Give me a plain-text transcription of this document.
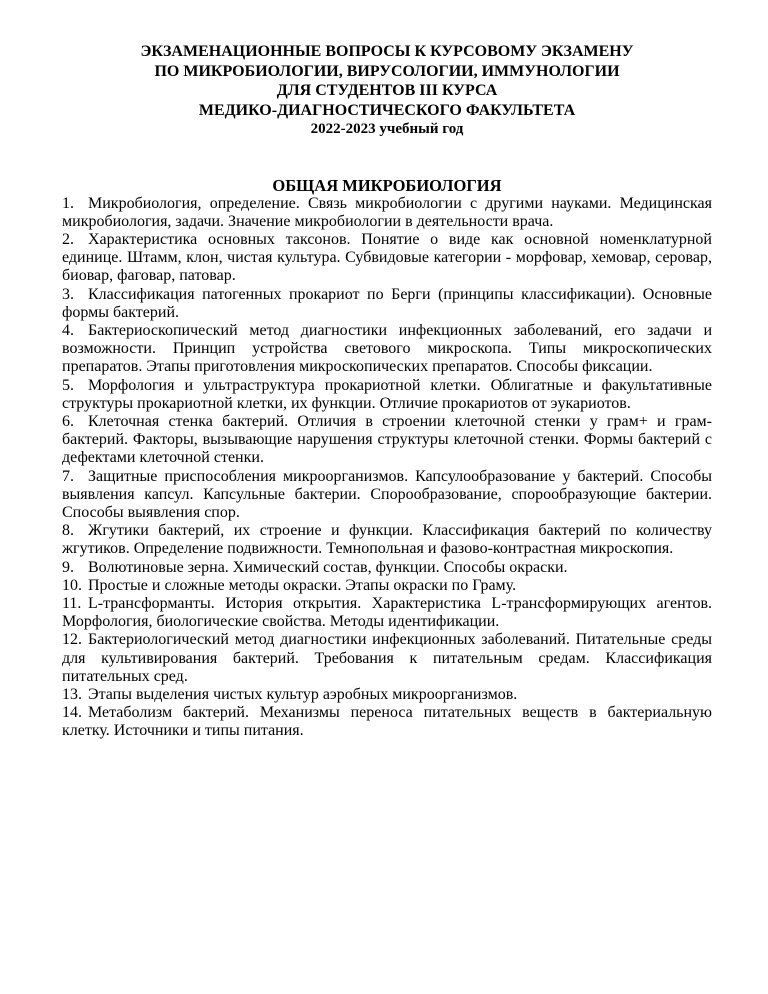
ЭКЗАМЕНАЦИОННЫЕ ВОПРОСЫ К КУРСОВОМУ ЭКЗАМЕНУ
ПО МИКРОБИОЛОГИИ, ВИРУСОЛОГИИ, ИММУНОЛОГИИ
ДЛЯ СТУДЕНТОВ III КУРСА
МЕДИКО-ДИАГНОСТИЧЕСКОГО ФАКУЛЬТЕТА
2022-2023 учебный год
ОБЩАЯ МИКРОБИОЛОГИЯ
1. Микробиология, определение. Связь микробиологии с другими науками. Медицинская микробиология, задачи. Значение микробиологии в деятельности врача.
2. Характеристика основных таксонов. Понятие о виде как основной номенклатурной единице. Штамм, клон, чистая культура. Субвидовые категории - морфовар, хемовар, серовар, биовар, фаговар, патовар.
3. Классификация патогенных прокариот по Берги (принципы классификации). Основные формы бактерий.
4. Бактериоскопический метод диагностики инфекционных заболеваний, его задачи и возможности. Принцип устройства светового микроскопа. Типы микроскопических препаратов. Этапы приготовления микроскопических препаратов. Способы фиксации.
5. Морфология и ультраструктура прокариотной клетки. Облигатные и факультативные структуры прокариотной клетки, их функции. Отличие прокариотов от эукариотов.
6. Клеточная стенка бактерий. Отличия в строении клеточной стенки у грам+ и грам- бактерий. Факторы, вызывающие нарушения структуры клеточной стенки. Формы бактерий с дефектами клеточной стенки.
7. Защитные приспособления микроорганизмов. Капсулообразование у бактерий. Способы выявления капсул. Капсульные бактерии. Спорообразование, спорообразующие бактерии. Способы выявления спор.
8. Жгутики бактерий, их строение и функции. Классификация бактерий по количеству жгутиков. Определение подвижности. Темнопольная и фазово-контрастная микроскопия.
9. Волютиновые зерна. Химический состав, функции. Способы окраски.
10. Простые и сложные методы окраски. Этапы окраски по Граму.
11. L-трансформанты. История открытия. Характеристика L-трансформирующих агентов. Морфология, биологические свойства. Методы идентификации.
12. Бактериологический метод диагностики инфекционных заболеваний. Питательные среды для культивирования бактерий. Требования к питательным средам. Классификация питательных сред.
13. Этапы выделения чистых культур аэробных микроорганизмов.
14. Метаболизм бактерий. Механизмы переноса питательных веществ в бактериальную клетку. Источники и типы питания.
